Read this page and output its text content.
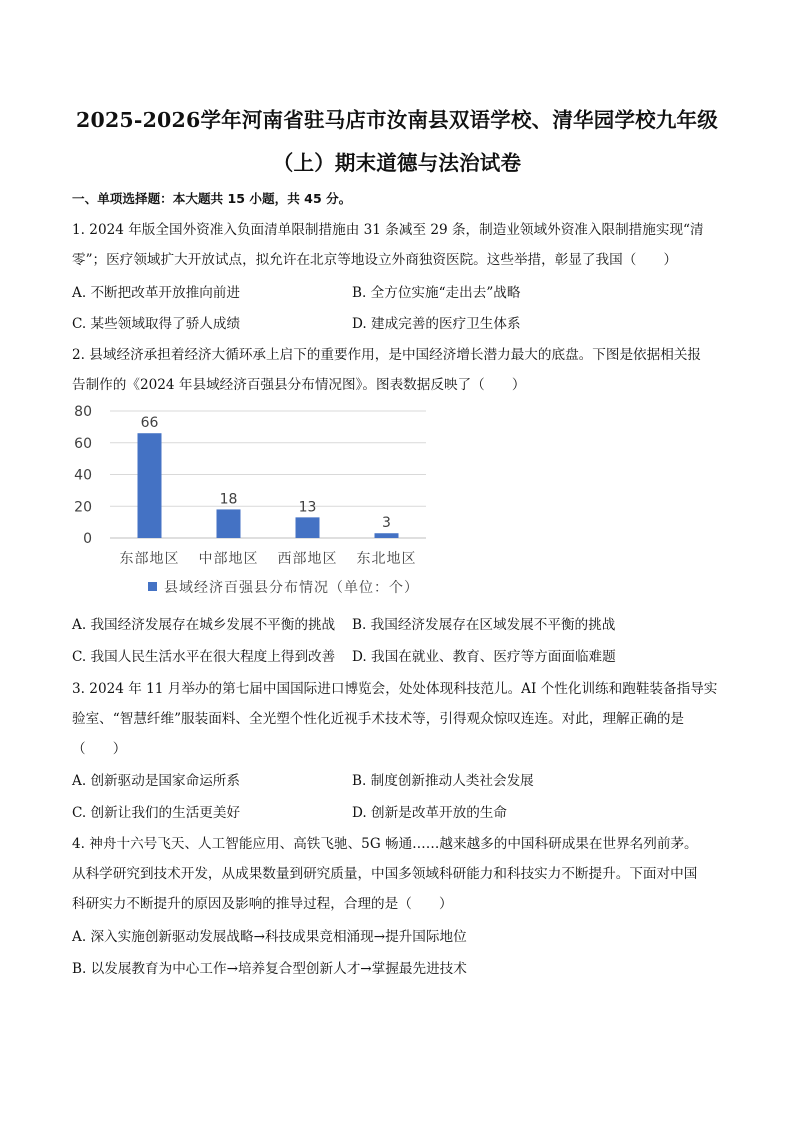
2025-2026学年河南省驻马店市汝南县双语学校、清华园学校九年级
（上）期末道德与法治试卷
一、单项选择题：本大题共 15 小题，共 45 分。
1. 2024 年版全国外资准入负面清单限制措施由 31 条减至 29 条，制造业领域外资准入限制措施实现“清
零”；医疗领域扩大开放试点，拟允许在北京等地设立外商独资医院。这些举措，彰显了我国（　　）
A. 不断把改革开放推向前进	B. 全方位实施“走出去”战略
C. 某些领域取得了骄人成绩	D. 建成完善的医疗卫生体系
2. 县域经济承担着经济大循环承上启下的重要作用，是中国经济增长潜力最大的底盘。下图是依据相关报
告制作的《2024 年县域经济百强县分布情况图》。图表数据反映了（　　）
0
20
40
60
80
66
东部地区
18
中部地区
13
西部地区
3
东北地区
县域经济百强县分布情况（单位：个）
A. 我国经济发展存在城乡发展不平衡的挑战 B. 我国经济发展存在区域发展不平衡的挑战
C. 我国人民生活水平在很大程度上得到改善 D. 我国在就业、教育、医疗等方面面临难题
3. 2024 年 11 月举办的第七届中国国际进口博览会，处处体现科技范儿。AI 个性化训练和跑鞋装备指导实
验室、“智慧纤维”服装面料、全光塑个性化近视手术技术等，引得观众惊叹连连。对此，理解正确的是
（　　）
A. 创新驱动是国家命运所系	B. 制度创新推动人类社会发展
C. 创新让我们的生活更美好	D. 创新是改革开放的生命
4. 神舟十六号飞天、人工智能应用、高铁飞驰、5G 畅通……越来越多的中国科研成果在世界名列前茅。
从科学研究到技术开发，从成果数量到研究质量，中国多领域科研能力和科技实力不断提升。下面对中国
科研实力不断提升的原因及影响的推导过程，合理的是（　　）
A. 深入实施创新驱动发展战略→科技成果竞相涌现→提升国际地位
B. 以发展教育为中心工作→培养复合型创新人才→掌握最先进技术
